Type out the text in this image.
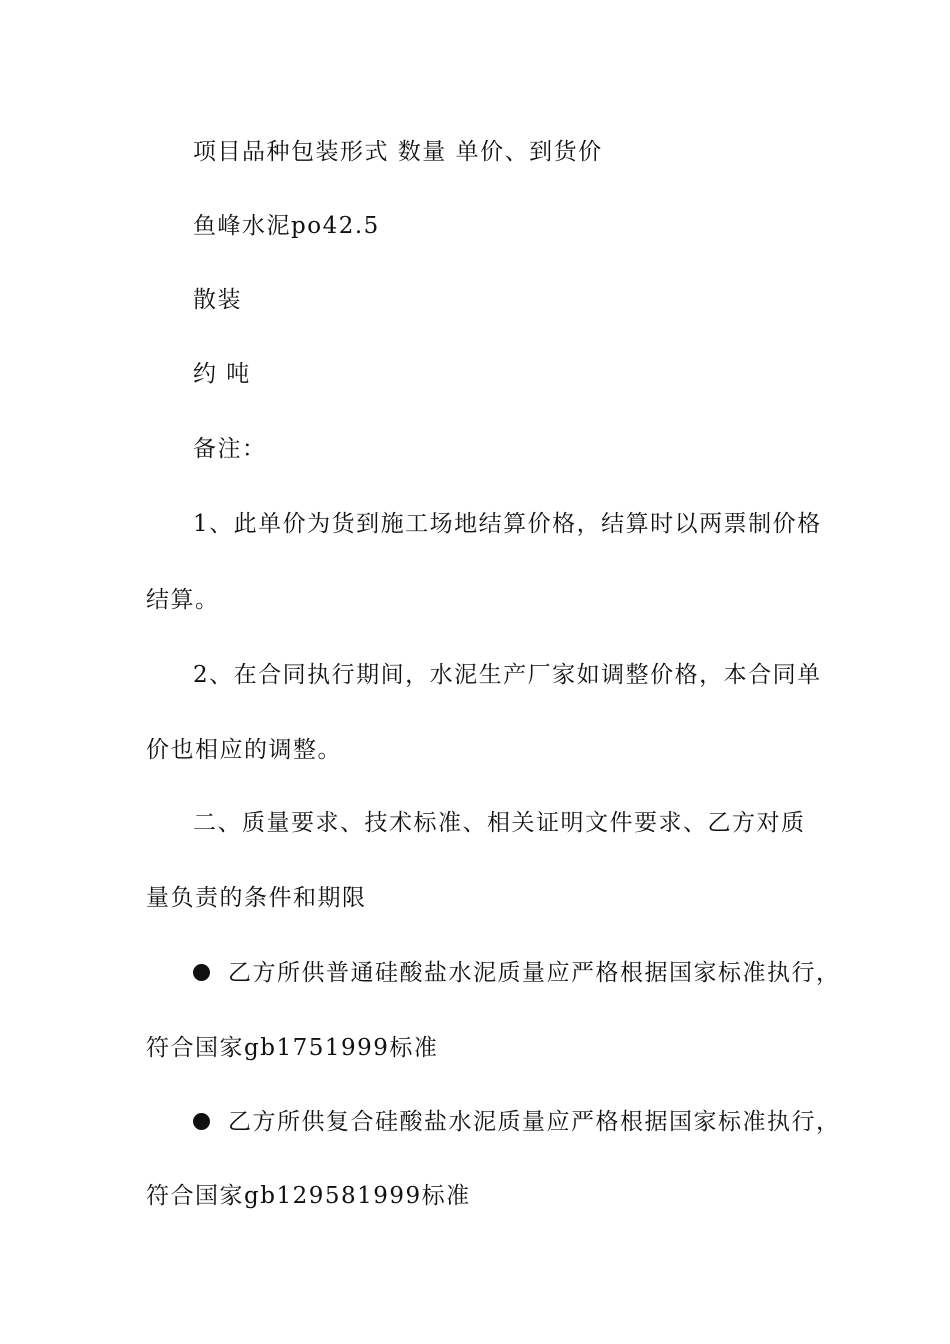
项目品种包装形式 数量 单价、到货价
鱼峰水泥po42.5
散装
约 吨
备注：
1、此单价为货到施工场地结算价格，结算时以两票制价格
结算。
2、在合同执行期间，水泥生产厂家如调整价格，本合同单
价也相应的调整。
二、质量要求、技术标准、相关证明文件要求、乙方对质
量负责的条件和期限
乙方所供普通硅酸盐水泥质量应严格根据国家标准执行，
符合国家gb1751999标准
乙方所供复合硅酸盐水泥质量应严格根据国家标准执行，
符合国家gb129581999标准
